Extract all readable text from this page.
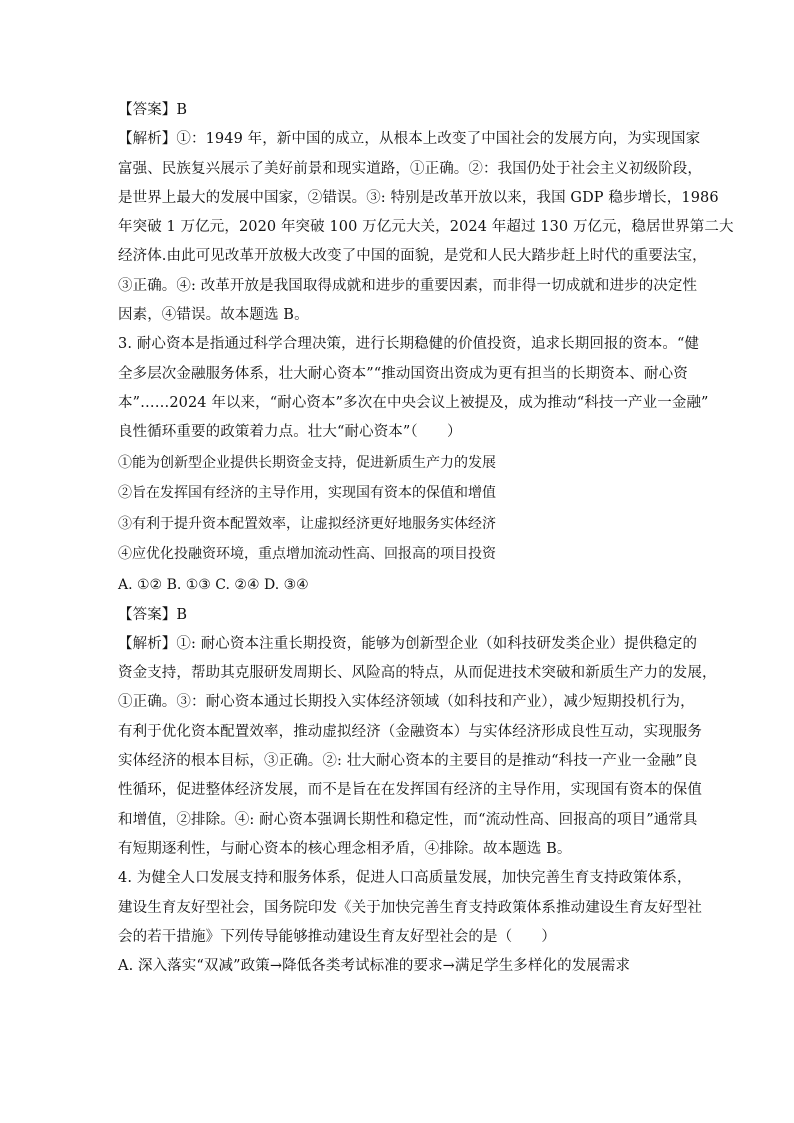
【答案】B
【解析】①：1949 年，新中国的成立，从根本上改变了中国社会的发展方向，为实现国家
富强、民族复兴展示了美好前景和现实道路，①正确。②：我国仍处于社会主义初级阶段，
是世界上最大的发展中国家，②错误。③: 特别是改革开放以来，我国 GDP 稳步增长，1986
年突破 1 万亿元，2020 年突破 100 万亿元大关，2024 年超过 130 万亿元，稳居世界第二大
经济体.由此可见改革开放极大改变了中国的面貌，是党和人民大踏步赶上时代的重要法宝，
③正确。④: 改革开放是我国取得成就和进步的重要因素，而非得一切成就和进步的决定性
因素，④错误。故本题选 B。
3. 耐心资本是指通过科学合理决策，进行长期稳健的价值投资，追求长期回报的资本。“健
全多层次金融服务体系，壮大耐心资本”“推动国资出资成为更有担当的长期资本、耐心资
本”……2024 年以来，“耐心资本”多次在中央会议上被提及，成为推动“科技一产业一金融”
良性循环重要的政策着力点。壮大“耐心资本”（　　）
①能为创新型企业提供长期资金支持，促进新质生产力的发展
②旨在发挥国有经济的主导作用，实现国有资本的保值和增值
③有利于提升资本配置效率，让虚拟经济更好地服务实体经济
④应优化投融资环境，重点增加流动性高、回报高的项目投资
A. ①② B. ①③ C. ②④ D. ③④
【答案】B
【解析】①: 耐心资本注重长期投资，能够为创新型企业（如科技研发类企业）提供稳定的
资金支持，帮助其克服研发周期长、风险高的特点，从而促进技术突破和新质生产力的发展，
①正确。③：耐心资本通过长期投入实体经济领域（如科技和产业），减少短期投机行为，
有利于优化资本配置效率，推动虚拟经济（金融资本）与实体经济形成良性互动，实现服务
实体经济的根本目标，③正确。②: 壮大耐心资本的主要目的是推动“科技一产业一金融”良
性循环，促进整体经济发展，而不是旨在在发挥国有经济的主导作用，实现国有资本的保值
和增值，②排除。④: 耐心资本强调长期性和稳定性，而“流动性高、回报高的项目”通常具
有短期逐利性，与耐心资本的核心理念相矛盾，④排除。故本题选 B。
4. 为健全人口发展支持和服务体系，促进人口高质量发展，加快完善生育支持政策体系，
建设生育友好型社会，国务院印发《关于加快完善生育支持政策体系推动建设生育友好型社
会的若干措施》下列传导能够推动建设生育友好型社会的是（　　）
A. 深入落实“双减”政策→降低各类考试标准的要求→满足学生多样化的发展需求
